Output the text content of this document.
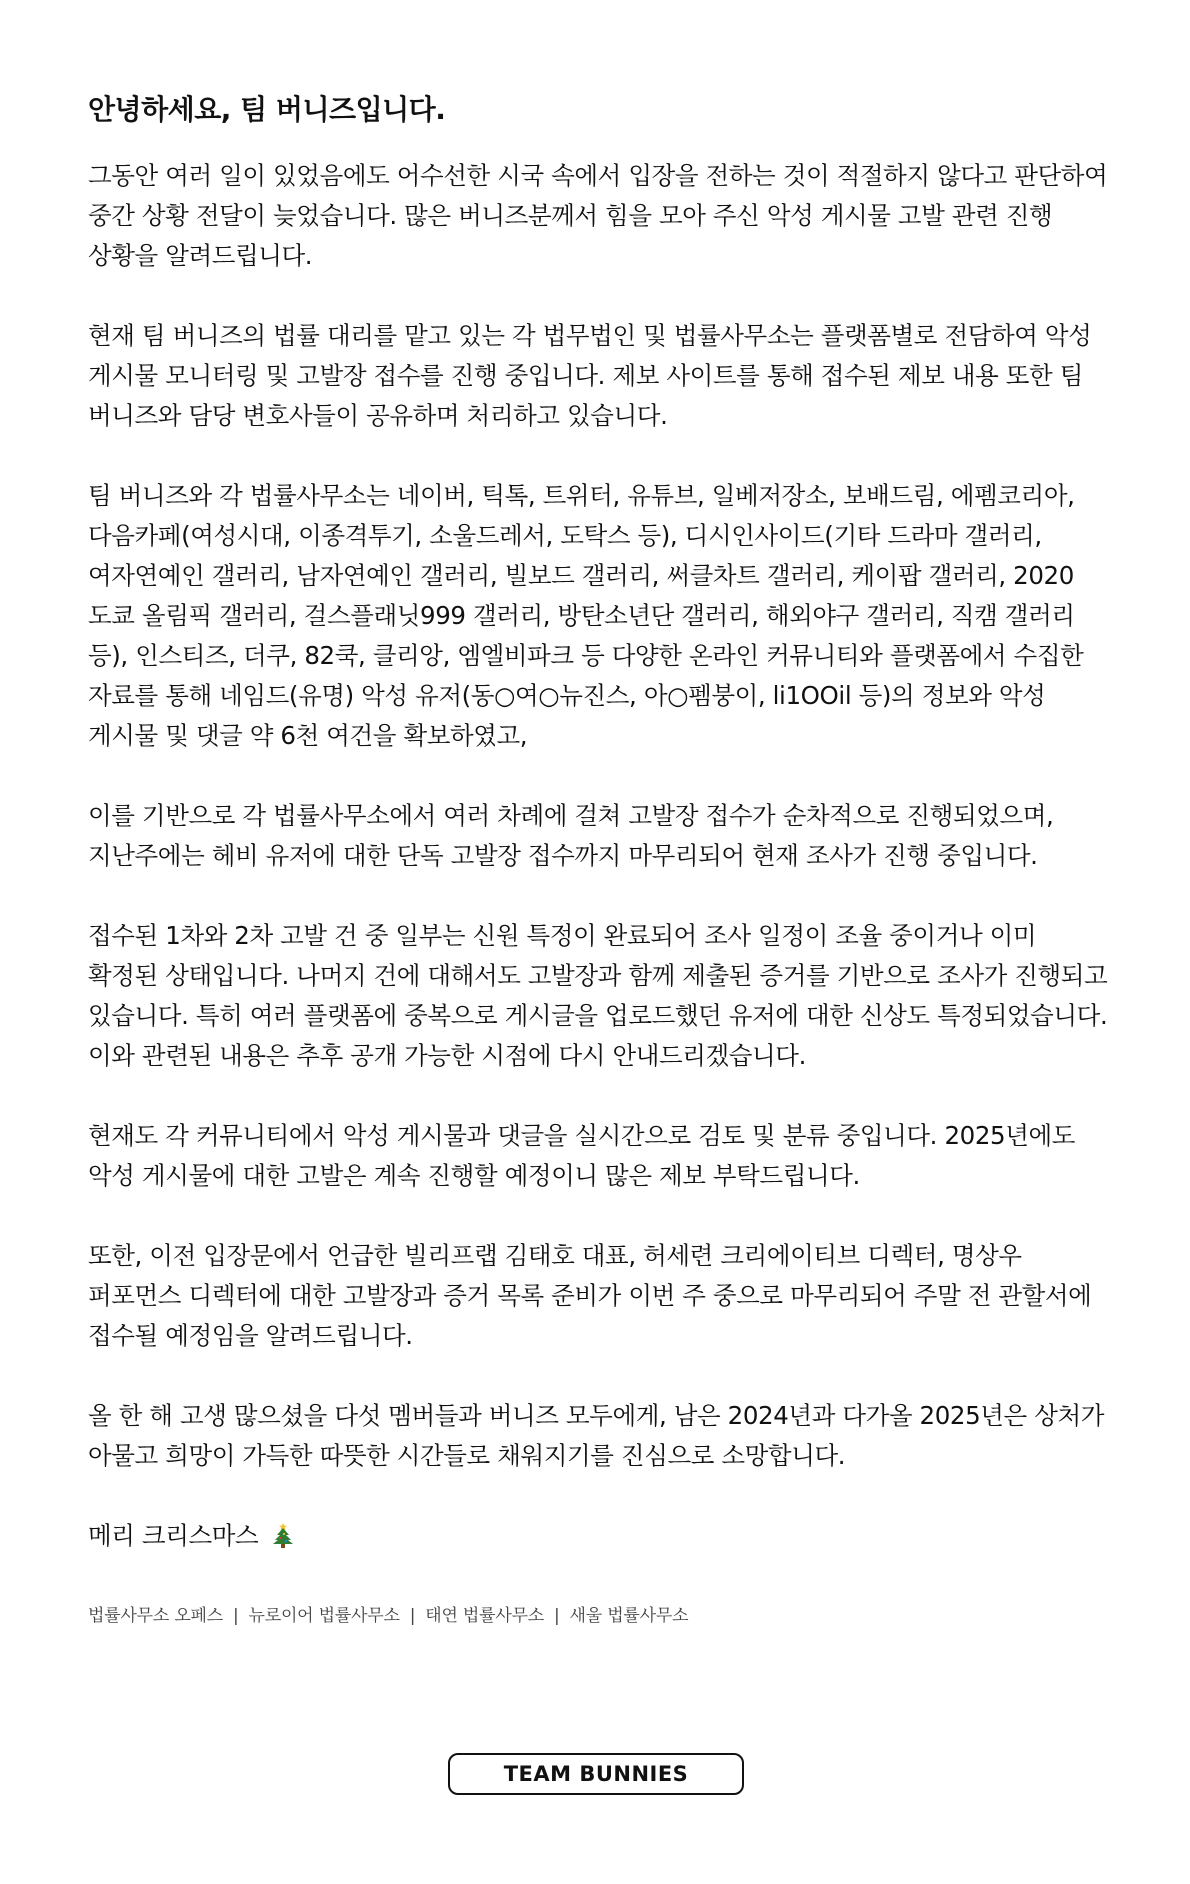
안녕하세요, 팀 버니즈입니다.

그동안 여러 일이 있었음에도 어수선한 시국 속에서 입장을 전하는 것이 적절하지 않다고 판단하여 중간 상황 전달이 늦었습니다. 많은 버니즈분께서 힘을 모아 주신 악성 게시물 고발 관련 진행 상황을 알려드립니다.

현재 팀 버니즈의 법률 대리를 맡고 있는 각 법무법인 및 법률사무소는 플랫폼별로 전담하여 악성 게시물 모니터링 및 고발장 접수를 진행 중입니다. 제보 사이트를 통해 접수된 제보 내용 또한 팀 버니즈와 담당 변호사들이 공유하며 처리하고 있습니다.

팀 버니즈와 각 법률사무소는 네이버, 틱톡, 트위터, 유튜브, 일베저장소, 보배드림, 에펨코리아, 다음카페(여성시대, 이종격투기, 소울드레서, 도탁스 등), 디시인사이드(기타 드라마 갤러리, 여자연예인 갤러리, 남자연예인 갤러리, 빌보드 갤러리, 써클차트 갤러리, 케이팝 갤러리, 2020 도쿄 올림픽 갤러리, 걸스플래닛999 갤러리, 방탄소년단 갤러리, 해외야구 갤러리, 직캠 갤러리 등), 인스티즈, 더쿠, 82쿡, 클리앙, 엠엘비파크 등 다양한 온라인 커뮤니티와 플랫폼에서 수집한 자료를 통해 네임드(유명) 악성 유저(동○여○뉴진스, 아○펨붕이, li1OOil 등)의 정보와 악성 게시물 및 댓글 약 6천 여건을 확보하였고,

이를 기반으로 각 법률사무소에서 여러 차례에 걸쳐 고발장 접수가 순차적으로 진행되었으며, 지난주에는 헤비 유저에 대한 단독 고발장 접수까지 마무리되어 현재 조사가 진행 중입니다.

접수된 1차와 2차 고발 건 중 일부는 신원 특정이 완료되어 조사 일정이 조율 중이거나 이미 확정된 상태입니다. 나머지 건에 대해서도 고발장과 함께 제출된 증거를 기반으로 조사가 진행되고 있습니다. 특히 여러 플랫폼에 중복으로 게시글을 업로드했던 유저에 대한 신상도 특정되었습니다. 이와 관련된 내용은 추후 공개 가능한 시점에 다시 안내드리겠습니다.

현재도 각 커뮤니티에서 악성 게시물과 댓글을 실시간으로 검토 및 분류 중입니다. 2025년에도 악성 게시물에 대한 고발은 계속 진행할 예정이니 많은 제보 부탁드립니다.

또한, 이전 입장문에서 언급한 빌리프랩 김태호 대표, 허세련 크리에이티브 디렉터, 명상우 퍼포먼스 디렉터에 대한 고발장과 증거 목록 준비가 이번 주 중으로 마무리되어 주말 전 관할서에 접수될 예정임을 알려드립니다.

올 한 해 고생 많으셨을 다섯 멤버들과 버니즈 모두에게, 남은 2024년과 다가올 2025년은 상처가 아물고 희망이 가득한 따뜻한 시간들로 채워지기를 진심으로 소망합니다.

메리 크리스마스

법률사무소 오페스 | 뉴로이어 법률사무소 | 태연 법률사무소 | 새울 법률사무소
TEAM BUNNIES
